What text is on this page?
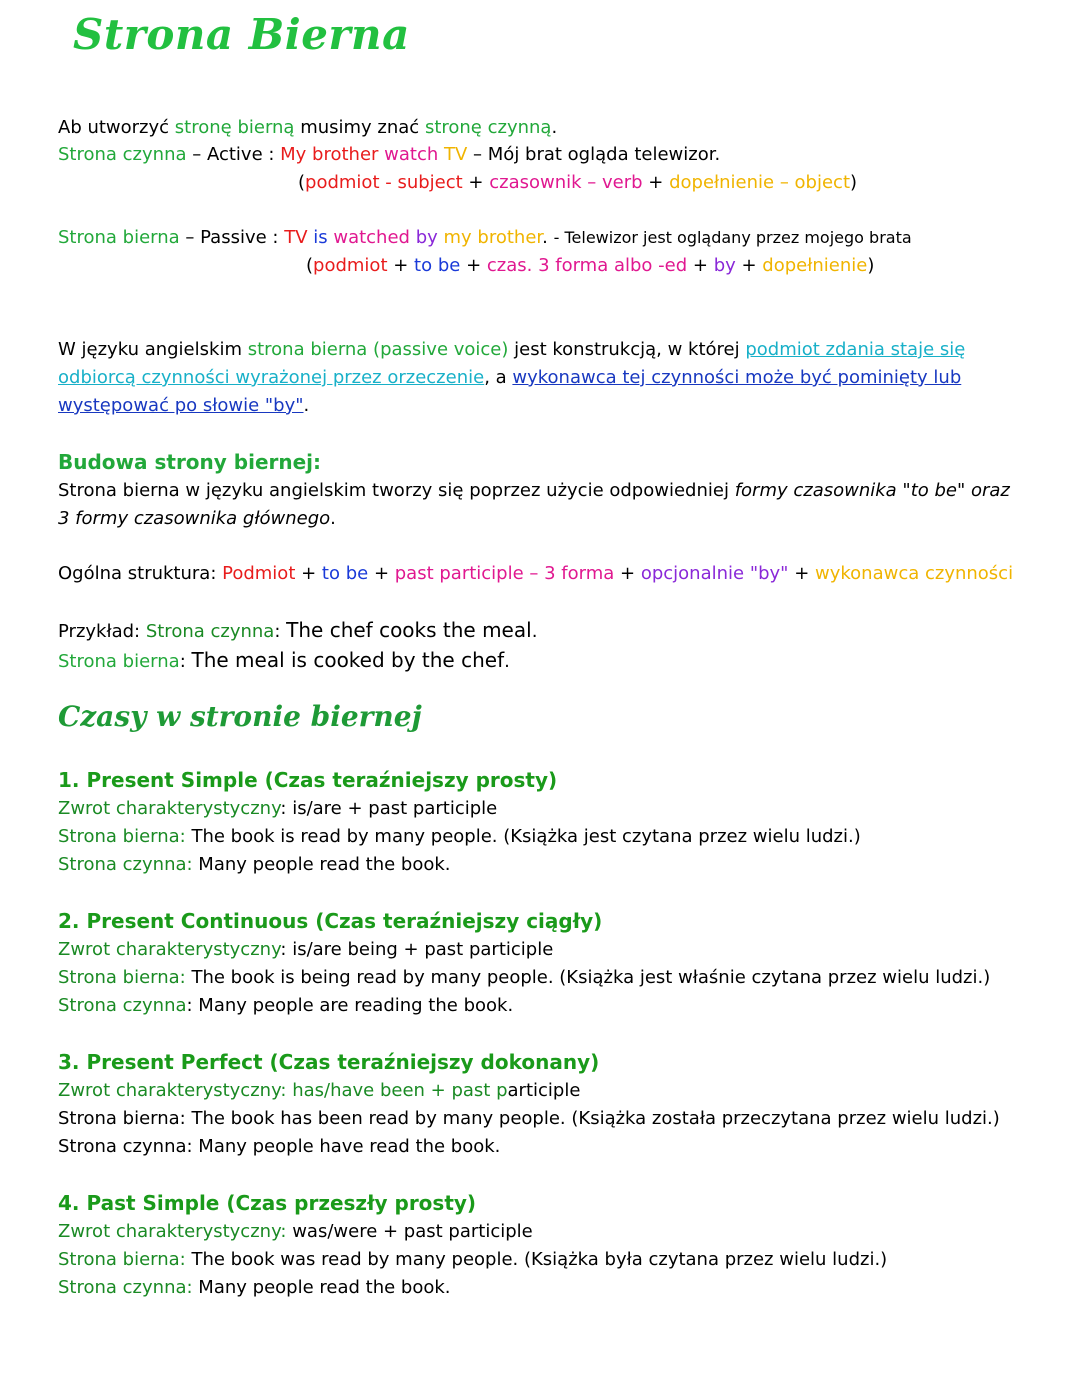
Strona Bierna
Ab utworzyć stronę bierną musimy znać stronę czynną.
Strona czynna – Active : My brother watch TV – Mój brat ogląda telewizor.
(podmiot - subject + czasownik – verb + dopełnienie – object)
Strona bierna – Passive : TV is watched by my brother. - Telewizor jest oglądany przez mojego brata
(podmiot + to be + czas. 3 forma albo -ed + by + dopełnienie)
W języku angielskim strona bierna (passive voice) jest konstrukcją, w której podmiot zdania staje się odbiorcą czynności wyrażonej przez orzeczenie, a wykonawca tej czynności może być pominięty lub występować po słowie "by".
Budowa strony biernej:
Strona bierna w języku angielskim tworzy się poprzez użycie odpowiedniej formy czasownika "to be" oraz 3 formy czasownika głównego.
Ogólna struktura: Podmiot + to be + past participle – 3 forma + opcjonalnie "by" + wykonawca czynności
Przykład: Strona czynna: The chef cooks the meal.
Strona bierna: The meal is cooked by the chef.
Czasy w stronie biernej
1. Present Simple (Czas teraźniejszy prosty)
Zwrot charakterystyczny: is/are + past participle
Strona bierna: The book is read by many people. (Książka jest czytana przez wielu ludzi.)
Strona czynna: Many people read the book.
2. Present Continuous (Czas teraźniejszy ciągły)
Zwrot charakterystyczny: is/are being + past participle
Strona bierna: The book is being read by many people. (Książka jest właśnie czytana przez wielu ludzi.) Strona czynna: Many people are reading the book.
3. Present Perfect (Czas teraźniejszy dokonany)
Zwrot charakterystyczny: has/have been + past participle
Strona bierna: The book has been read by many people. (Książka została przeczytana przez wielu ludzi.) Strona czynna: Many people have read the book.
4. Past Simple (Czas przeszły prosty)
Zwrot charakterystyczny: was/were + past participle
Strona bierna: The book was read by many people. (Książka była czytana przez wielu ludzi.)
Strona czynna: Many people read the book.
